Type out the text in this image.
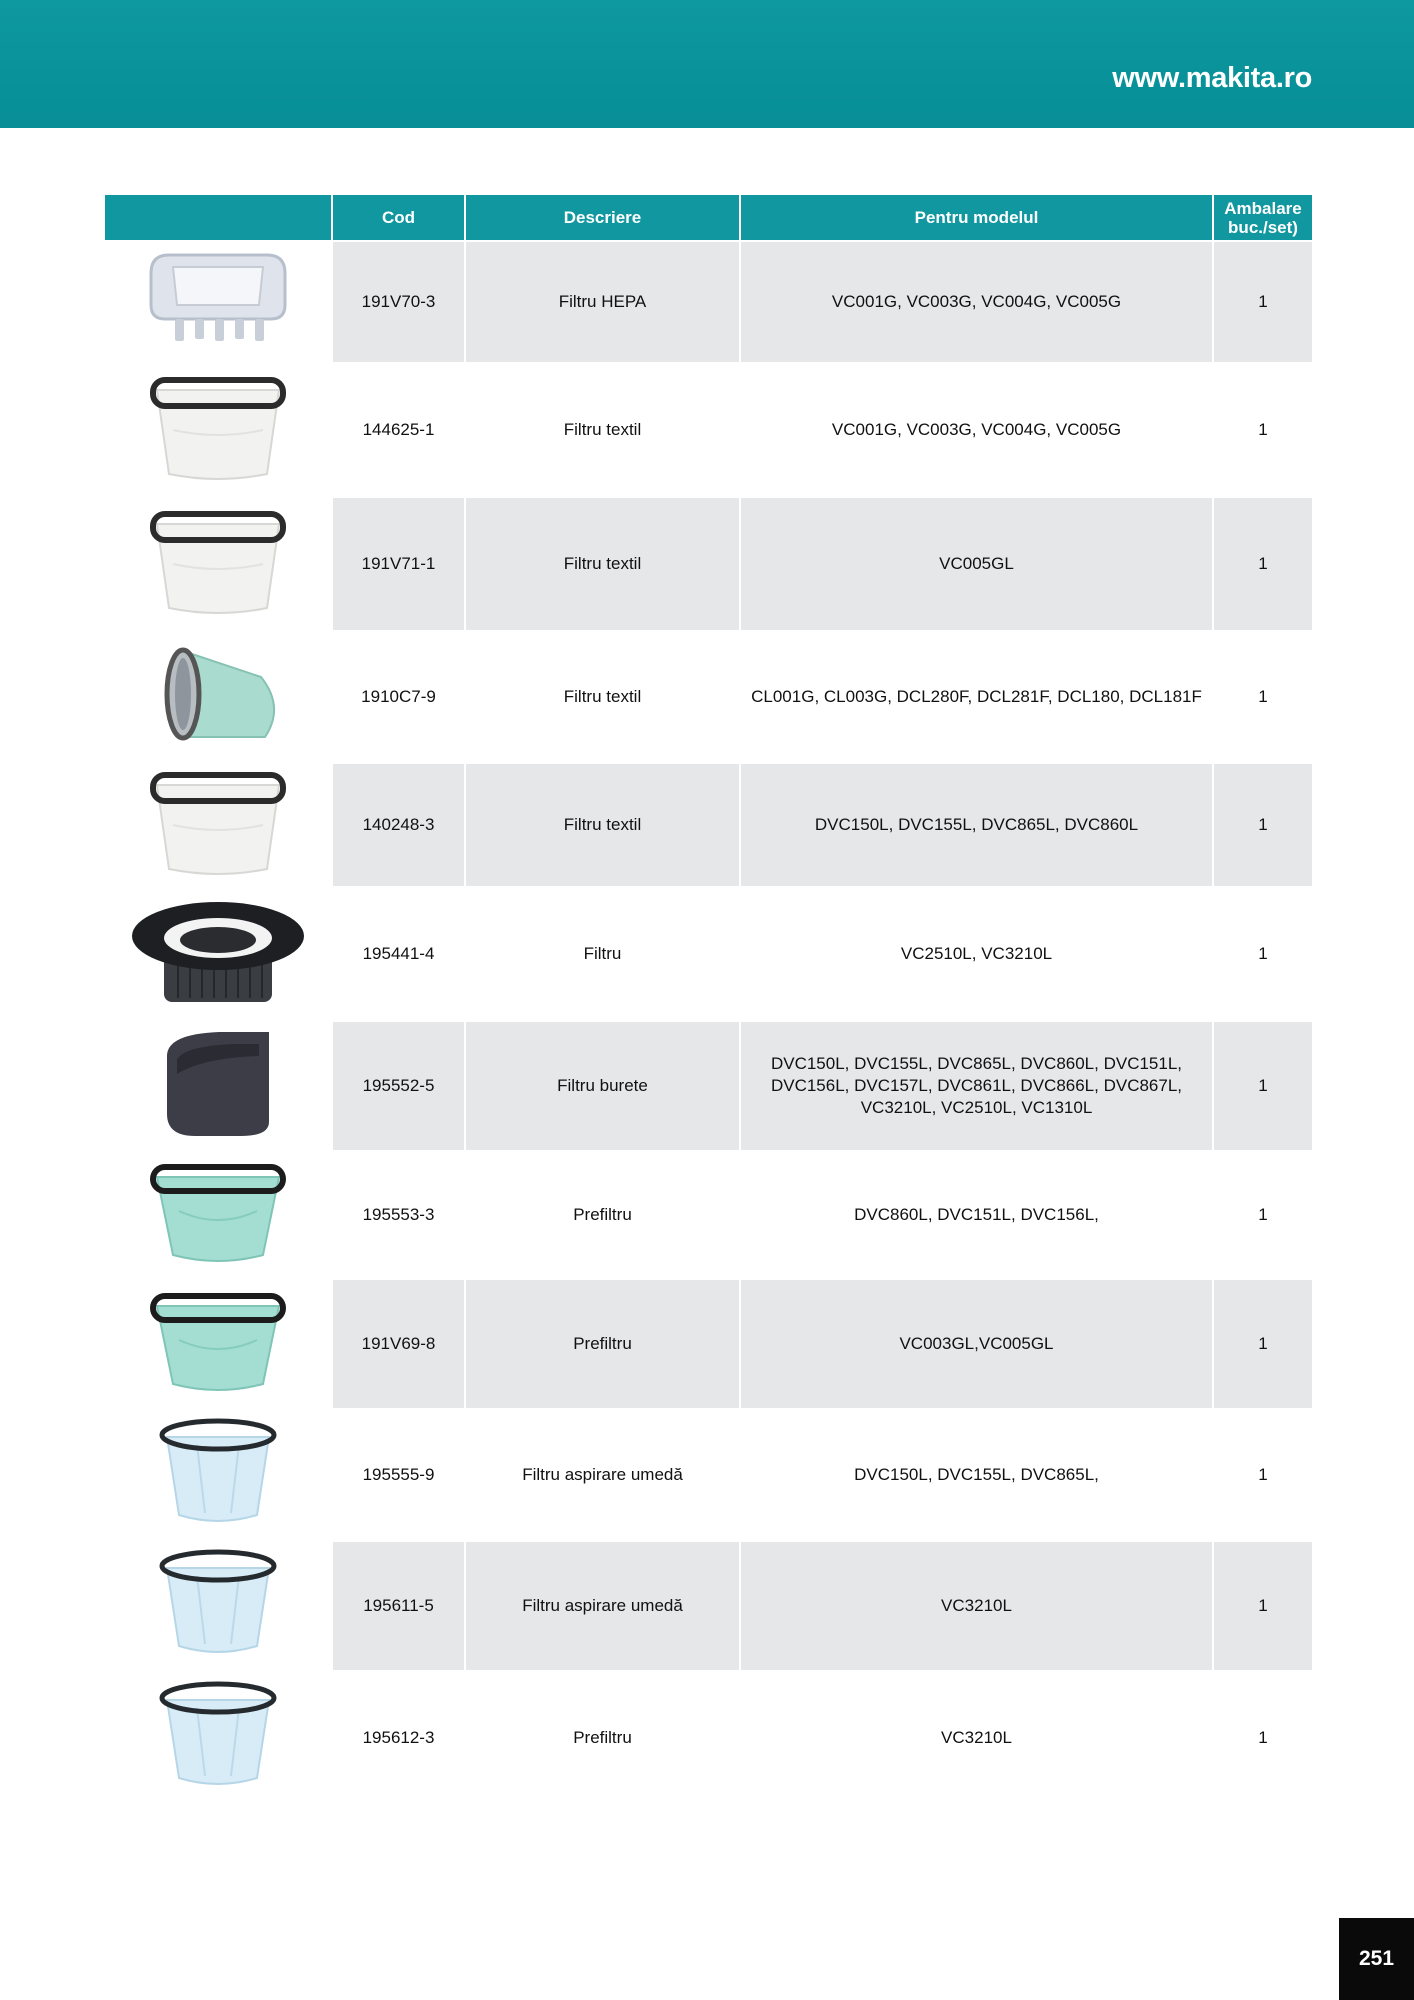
www.makita.ro
	Cod	Descriere	Pentru modelul	Ambalare buc./set)

	191V70-3	Filtru HEPA	VC001G, VC003G, VC004G, VC005G	1

	144625-1	Filtru textil	VC001G, VC003G, VC004G, VC005G	1

	191V71-1	Filtru textil	VC005GL	1

	1910C7-9	Filtru textil	CL001G, CL003G, DCL280F, DCL281F, DCL180, DCL181F	1

	140248-3	Filtru textil	DVC150L, DVC155L, DVC865L, DVC860L	1

	195441-4	Filtru	VC2510L, VC3210L	1

	195552-5	Filtru burete	DVC150L, DVC155L, DVC865L, DVC860L, DVC151L, DVC156L, DVC157L, DVC861L, DVC866L, DVC867L, VC3210L, VC2510L, VC1310L	1

	195553-3	Prefiltru	DVC860L, DVC151L, DVC156L,	1

	191V69-8	Prefiltru	VC003GL,VC005GL	1

	195555-9	Filtru aspirare umedă	DVC150L, DVC155L, DVC865L,	1

	195611-5	Filtru aspirare umedă	VC3210L	1

	195612-3	Prefiltru	VC3210L	1
251
